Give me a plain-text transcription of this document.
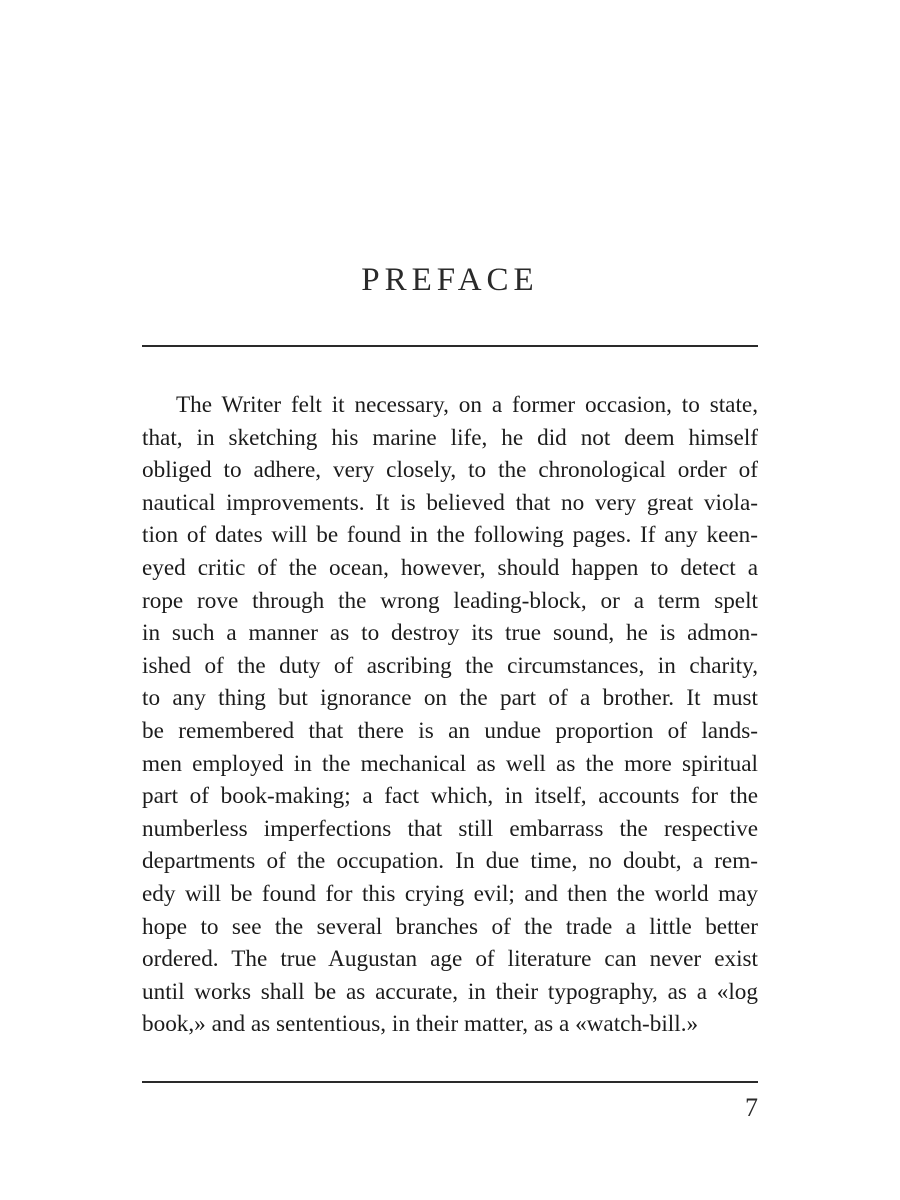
PREFACE
The Writer felt it necessary, on a former occasion, to state,
that, in sketching his marine life, he did not deem himself
obliged to adhere, very closely, to the chronological order of
nautical improvements. It is believed that no very great viola-
tion of dates will be found in the following pages. If any keen-
eyed critic of the ocean, however, should happen to detect a
rope rove through the wrong leading-block, or a term spelt
in such a manner as to destroy its true sound, he is admon-
ished of the duty of ascribing the circumstances, in charity,
to any thing but ignorance on the part of a brother. It must
be remembered that there is an undue proportion of lands-
men employed in the mechanical as well as the more spiritual
part of book-making; a fact which, in itself, accounts for the
numberless imperfections that still embarrass the respective
departments of the occupation. In due time, no doubt, a rem-
edy will be found for this crying evil; and then the world may
hope to see the several branches of the trade a little better
ordered. The true Augustan age of literature can never exist
until works shall be as accurate, in their typography, as a «log
book,» and as sententious, in their matter, as a «watch-bill.»
7
